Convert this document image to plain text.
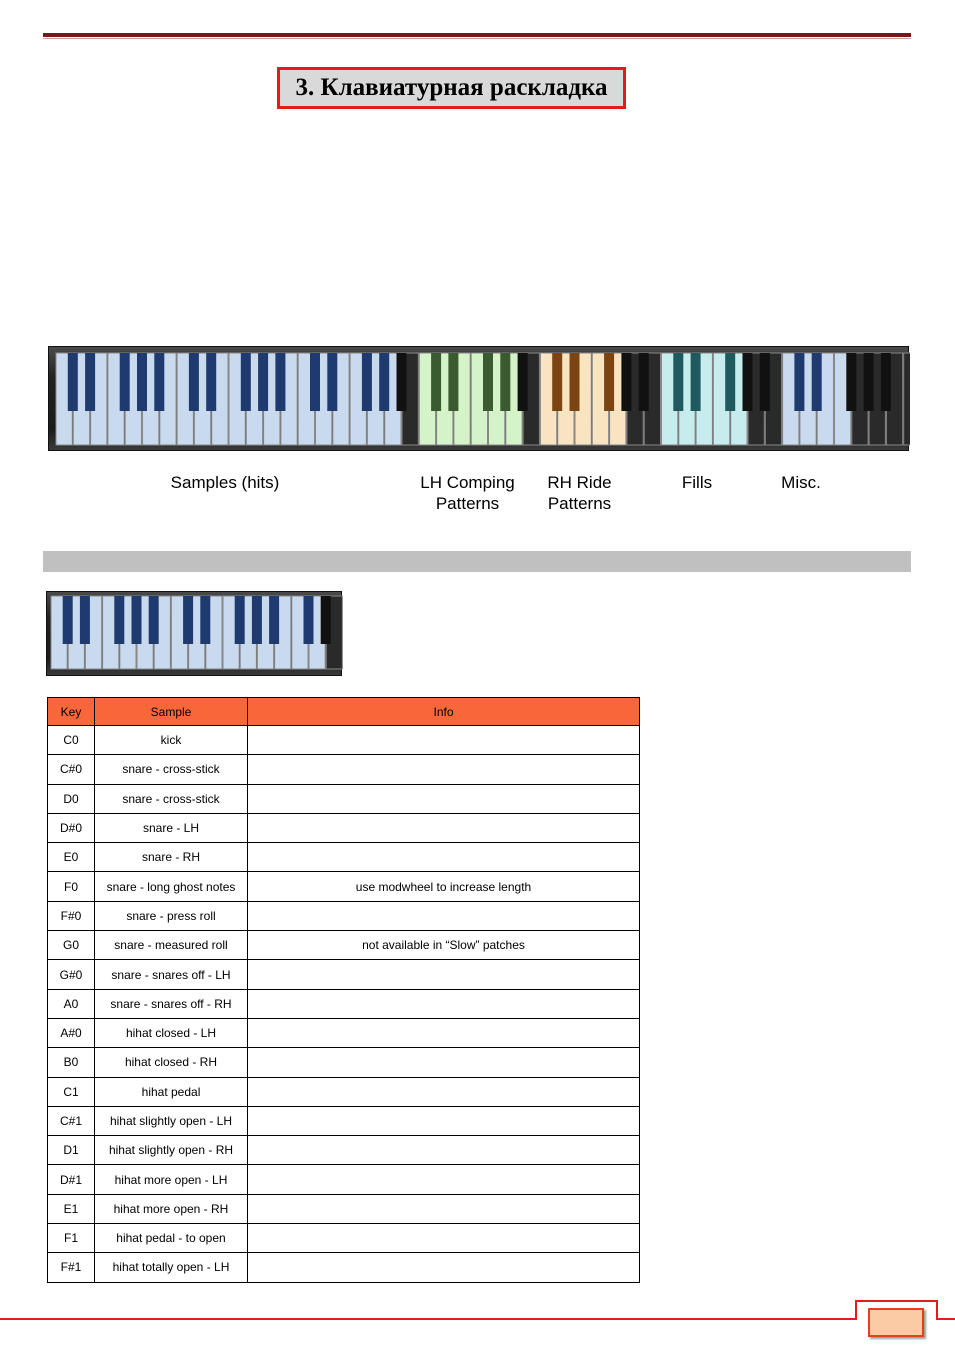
3. Клавиатурная раскладка
Samples (hits)	LH Comping
Patterns
RH Ride
Patterns
Fills	Misc.
Key	Sample	Info
C0	kick	
C#0	snare - cross-stick	
D0	snare - cross-stick	
D#0	snare - LH	
E0	snare - RH	
F0	snare - long ghost notes	use modwheel to increase length
F#0	snare - press roll	
G0	snare - measured roll	not available in “Slow” patches
G#0	snare - snares off - LH	
A0	snare - snares off - RH	
A#0	hihat closed - LH	
B0	hihat closed - RH	
C1	hihat pedal	
C#1	hihat slightly open - LH	
D1	hihat slightly open - RH	
D#1	hihat more open - LH	
E1	hihat more open - RH	
F1	hihat pedal - to open	
F#1	hihat totally open - LH	
